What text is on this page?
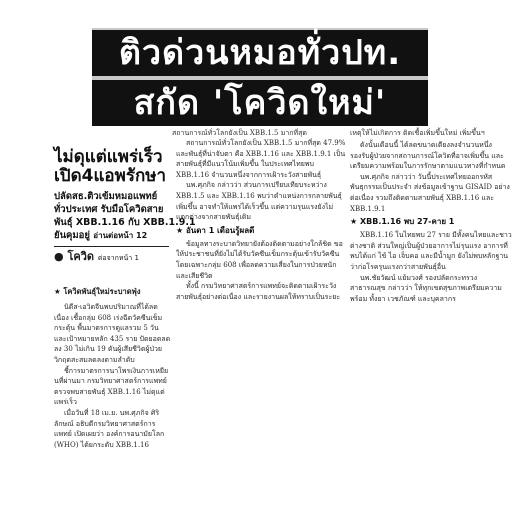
ติวด่วนหมอทั่วปท.
สกัด 'โควิดใหม่'
สถานการณ์ทั่วโลกยังเป็น XBB.1.5 มากที่สุด	เหตุให้ไม่เกิดการ ติดเชื้อเพิ่มขึ้นใหม่ เพิ่มขึ้นฯ
ไม่ดุแต่แพร่เร็ว
เปิด4แอพรักษา
ปลัดสธ.ติวเข้มหมอแพทย์
ทั่วประเทศ รับมือโควิดสาย
พันธุ์ XBB.1.16 กับ XBB.1.9.1
ยันคุมอยู่ อ่านต่อหน้า 12
● โควิด ต่อจากหน้า 1
★ โควิดพันธุ์ใหม่ระบาดฟุ่ง

นิดีส-เอวิดจีนพบปริมาณที่ได้ลดเนื่อง เชื้อกลุ่ม 608 เร่งฉีดวัคซีนเข็มกระตุ้น พื้นมาตรการดูแลรวม 5 วัน และเป้าหมายหลัก 435 ราย ปัดยอดลดลง 30 ไม่เกิน 19 ดันผู้เสียชีวิตผู้ป่วยวิกฤตสะสมลดลงตามลำดับ

ชี้การมาตรการนาโพรเงินการเหยียนที่ผ่านมา กรมวิทยาศาสตร์การแพทย์ ตรวจพบสายพันธุ์ XBB.1.16 ไม่ดุแต่แพร่เร็ว

เมื่อวันที่ 18 เม.ย. นพ.ศุภกิจ ศิริลักษณ์ อธิบดีกรมวิทยาศาสตร์การแพทย์ เปิดเผยว่า องค์การอนามัยโลก (WHO) ได้ยกระดับ XBB.1.16

สถานการณ์ทั่วโลกยังเป็น XBB.1.5 มากที่สุด 47.9% และพันธุ์ที่น่าจับตา คือ XBB.1.16 และ XBB.1.9.1 เป็นสายพันธุ์ที่มีแนวโน้มเพิ่มขึ้น ในประเทศไทยพบ XBB.1.16 จำนวนหนึ่งจากการเฝ้าระวังสายพันธุ์

นพ.ศุภกิจ กล่าวว่า ส่วนการเปรียบเทียบระหว่าง XBB.1.5 และ XBB.1.16 พบว่าตำแหน่งการกลายพันธุ์เพิ่มขึ้น อาจทำให้แพร่ได้เร็วขึ้น แต่ความรุนแรงยังไม่แตกต่างจากสายพันธุ์เดิม

★ อันดา 1 เดือนรู้ผลดี

ข้อมูลทางระบาดวิทยายังต้องติดตามอย่างใกล้ชิด ขอให้ประชาชนที่ยังไม่ได้รับวัคซีนเข็มกระตุ้นเข้ารับวัคซีน โดยเฉพาะกลุ่ม 608 เพื่อลดความเสี่ยงในการป่วยหนักและเสียชีวิต

ทั้งนี้ กรมวิทยาศาสตร์การแพทย์จะติดตามเฝ้าระวังสายพันธุ์อย่างต่อเนื่อง และรายงานผลให้ทราบเป็นระยะ

ดังนั้นเดือนนี้ ได้ลดขนาดเตียงลงจำนวนหนึ่ง รองรับผู้ป่วยจากสถานการณ์โควิดที่อาจเพิ่มขึ้น และเตรียมความพร้อมในการรักษาตามแนวทางที่กำหนด

นพ.ศุภกิจ กล่าวว่า วันนี้ประเทศไทยออกรหัสพันธุกรรมเป็นประจำ ส่งข้อมูลเข้าฐาน GISAID อย่างต่อเนื่อง รวมถึงติดตามสายพันธุ์ XBB.1.16 และ XBB.1.9.1

★ XBB.1.16 พบ 27-คาย 1

XBB.1.16 ในไทยพบ 27 ราย มีทั้งคนไทยและชาวต่างชาติ ส่วนใหญ่เป็นผู้ป่วยอาการไม่รุนแรง อาการที่พบได้แก่ ไข้ ไอ เจ็บคอ และมีน้ำมูก ยังไม่พบหลักฐานว่าก่อโรครุนแรงกว่าสายพันธุ์อื่น

นพ.ชัยวัฒน์ แย้มวงศ์ รองปลัดกระทรวงสาธารณสุข กล่าวว่า ให้ทุกเขตสุขภาพเตรียมความพร้อม ทั้งยา เวชภัณฑ์ และบุคลากร
